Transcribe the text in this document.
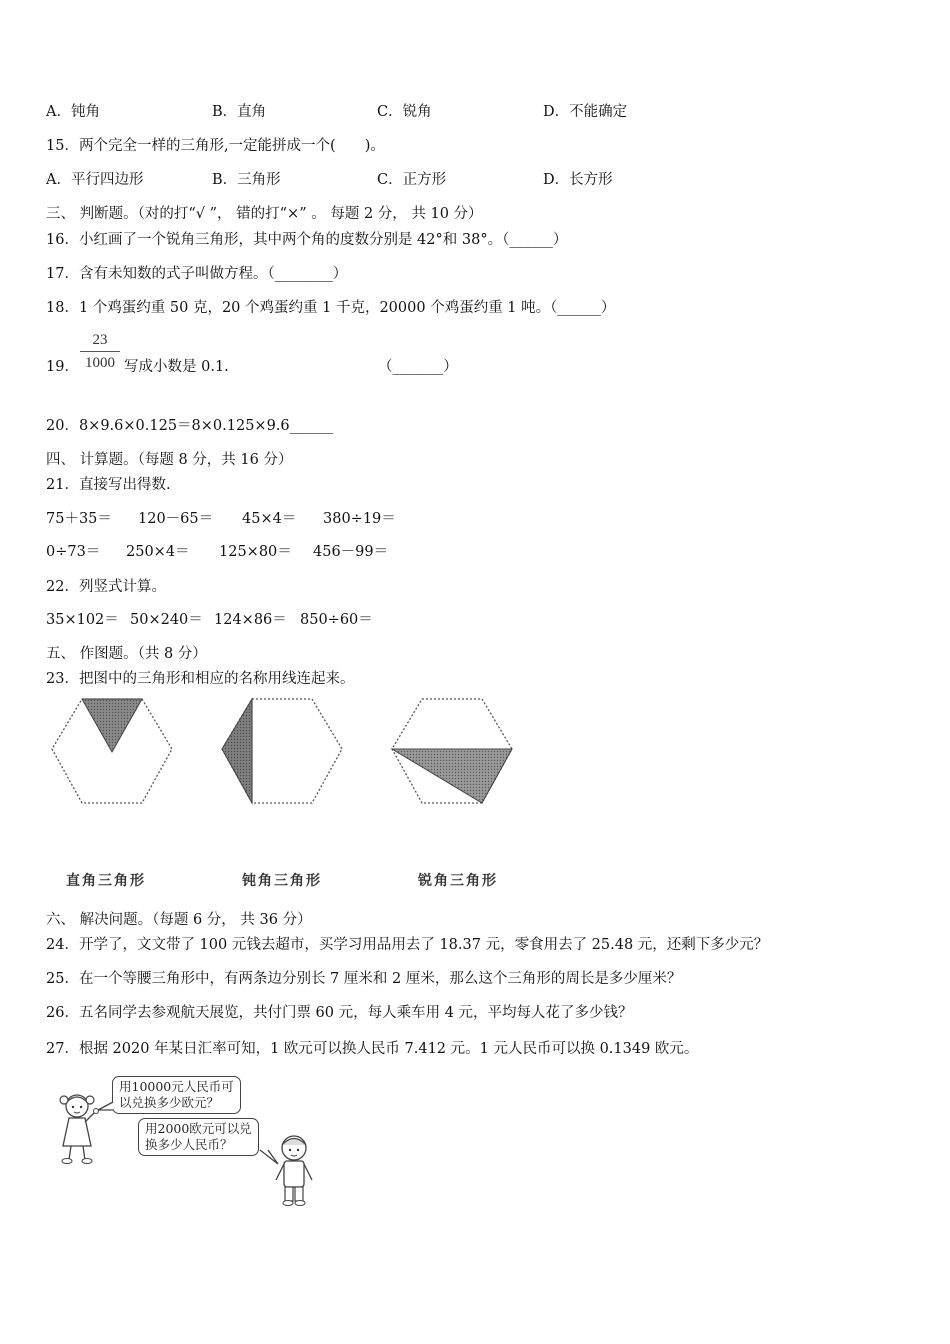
A．钝角	B．直角	C．锐角	D．不能确定
15．两个完全一样的三角形,一定能拼成一个(　　)。
A．平行四边形	B．三角形	C．正方形	D．长方形
三、 判断题。（对的打“√ ”， 错的打“×” 。 每题 2 分， 共 10 分）
16．小红画了一个锐角三角形，其中两个角的度数分别是 42°和 38°。（______）
17．含有未知数的式子叫做方程。（________）
18．1 个鸡蛋约重 50 克，20 个鸡蛋约重 1 千克，20000 个鸡蛋约重 1 吨。（______）
19．
23
1000 写成小数是 0.1.	（_______）
20．8×9.6×0.125＝8×0.125×9.6______
四、 计算题。（每题 8 分，共 16 分）
21．直接写出得数.
75＋35＝ 120－65＝ 45×4＝ 380÷19＝
0÷73＝ 250×4＝ 125×80＝ 456－99＝
22．列竖式计算。
35×102＝ 50×240＝ 124×86＝ 850÷60＝
五、 作图题。（共 8 分）
23．把图中的三角形和相应的名称用线连起来。
直角三角形	钝角三角形	锐角三角形
六、 解决问题。（每题 6 分， 共 36 分）
24．开学了，文文带了 100 元钱去超市，买学习用品用去了 18.37 元，零食用去了 25.48 元，还剩下多少元？
25．在一个等腰三角形中，有两条边分别长 7 厘米和 2 厘米，那么这个三角形的周长是多少厘米？
26．五名同学去参观航天展览，共付门票 60 元，每人乘车用 4 元，平均每人花了多少钱？
27．根据 2020 年某日汇率可知，1 欧元可以换人民币 7.412 元。1 元人民币可以换 0.1349 欧元。
用10000元人民币可
以兑换多少欧元？
用2000欧元可以兑
换多少人民币？
